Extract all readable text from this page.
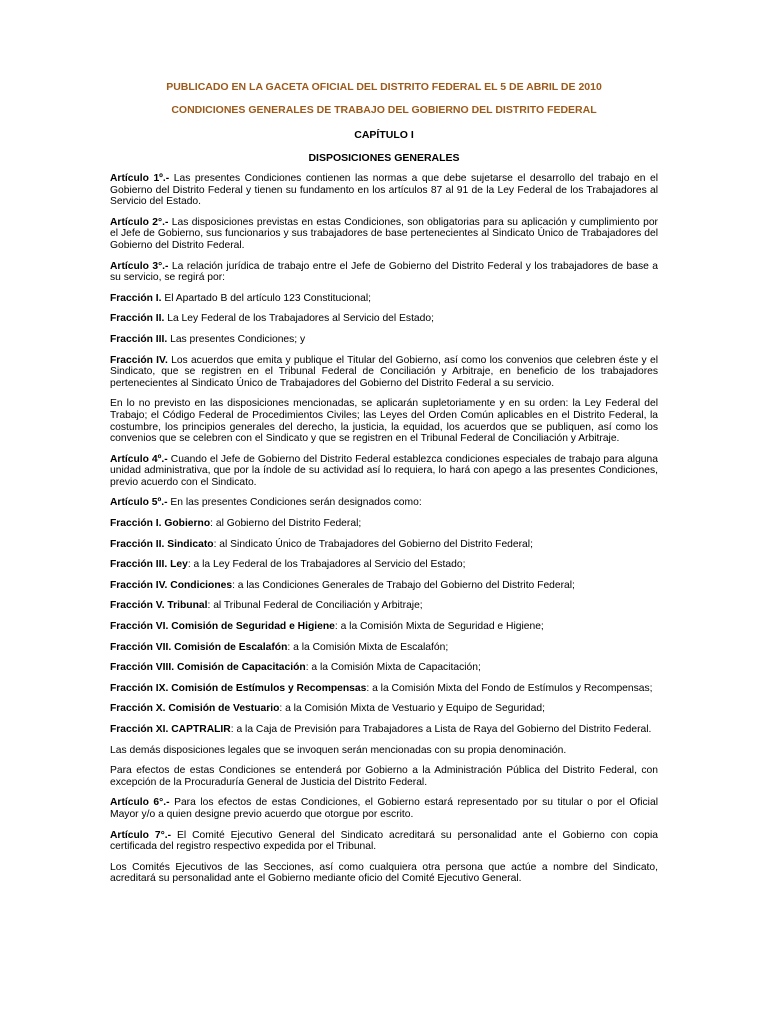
PUBLICADO EN LA GACETA OFICIAL DEL DISTRITO FEDERAL EL 5 DE ABRIL DE 2010

CONDICIONES GENERALES DE TRABAJO DEL GOBIERNO DEL DISTRITO FEDERAL

CAPÍTULO I

DISPOSICIONES GENERALES

Artículo 1º.- Las presentes Condiciones contienen las normas a que debe sujetarse el desarrollo del trabajo en el Gobierno del Distrito Federal y tienen su fundamento en los artículos 87 al 91 de la Ley Federal de los Trabajadores al Servicio del Estado.

Artículo 2°.- Las disposiciones previstas en estas Condiciones, son obligatorias para su aplicación y cumplimiento por el Jefe de Gobierno, sus funcionarios y sus trabajadores de base pertenecientes al Sindicato Único de Trabajadores del Gobierno del Distrito Federal.

Artículo 3°.- La relación jurídica de trabajo entre el Jefe de Gobierno del Distrito Federal y los trabajadores de base a su servicio, se regirá por:

Fracción I. El Apartado B del artículo 123 Constitucional;

Fracción II. La Ley Federal de los Trabajadores al Servicio del Estado;

Fracción III. Las presentes Condiciones; y

Fracción IV. Los acuerdos que emita y publique el Titular del Gobierno, así como los convenios que celebren éste y el Sindicato, que se registren en el Tribunal Federal de Conciliación y Arbitraje, en beneficio de los trabajadores pertenecientes al Sindicato Único de Trabajadores del Gobierno del Distrito Federal a su servicio.

En lo no previsto en las disposiciones mencionadas, se aplicarán supletoriamente y en su orden: la Ley Federal del Trabajo; el Código Federal de Procedimientos Civiles; las Leyes del Orden Común aplicables en el Distrito Federal, la costumbre, los principios generales del derecho, la justicia, la equidad, los acuerdos que se publiquen, así como los convenios que se celebren con el Sindicato y que se registren en el Tribunal Federal de Conciliación y Arbitraje.

Artículo 4º.- Cuando el Jefe de Gobierno del Distrito Federal establezca condiciones especiales de trabajo para alguna unidad administrativa, que por la índole de su actividad así lo requiera, lo hará con apego a las presentes Condiciones, previo acuerdo con el Sindicato.

Artículo 5º.- En las presentes Condiciones serán designados como:

Fracción I. Gobierno: al Gobierno del Distrito Federal;

Fracción II. Sindicato: al Sindicato Único de Trabajadores del Gobierno del Distrito Federal;

Fracción III. Ley: a la Ley Federal de los Trabajadores al Servicio del Estado;

Fracción IV. Condiciones: a las Condiciones Generales de Trabajo del Gobierno del Distrito Federal;

Fracción V. Tribunal: al Tribunal Federal de Conciliación y Arbitraje;

Fracción VI. Comisión de Seguridad e Higiene: a la Comisión Mixta de Seguridad e Higiene;

Fracción VII. Comisión de Escalafón: a la Comisión Mixta de Escalafón;

Fracción VIII. Comisión de Capacitación: a la Comisión Mixta de Capacitación;

Fracción IX. Comisión de Estímulos y Recompensas: a la Comisión Mixta del Fondo de Estímulos y Recompensas;

Fracción X. Comisión de Vestuario: a la Comisión Mixta de Vestuario y Equipo de Seguridad;

Fracción XI. CAPTRALIR: a la Caja de Previsión para Trabajadores a Lista de Raya del Gobierno del Distrito Federal.

Las demás disposiciones legales que se invoquen serán mencionadas con su propia denominación.

Para efectos de estas Condiciones se entenderá por Gobierno a la Administración Pública del Distrito Federal, con excepción de la Procuraduría General de Justicia del Distrito Federal.

Artículo 6°.- Para los efectos de estas Condiciones, el Gobierno estará representado por su titular o por el Oficial Mayor y/o a quien designe previo acuerdo que otorgue por escrito.

Artículo 7°.- El Comité Ejecutivo General del Sindicato acreditará su personalidad ante el Gobierno con copia certificada del registro respectivo expedida por el Tribunal.

Los Comités Ejecutivos de las Secciones, así como cualquiera otra persona que actúe a nombre del Sindicato, acreditará su personalidad ante el Gobierno mediante oficio del Comité Ejecutivo General.
